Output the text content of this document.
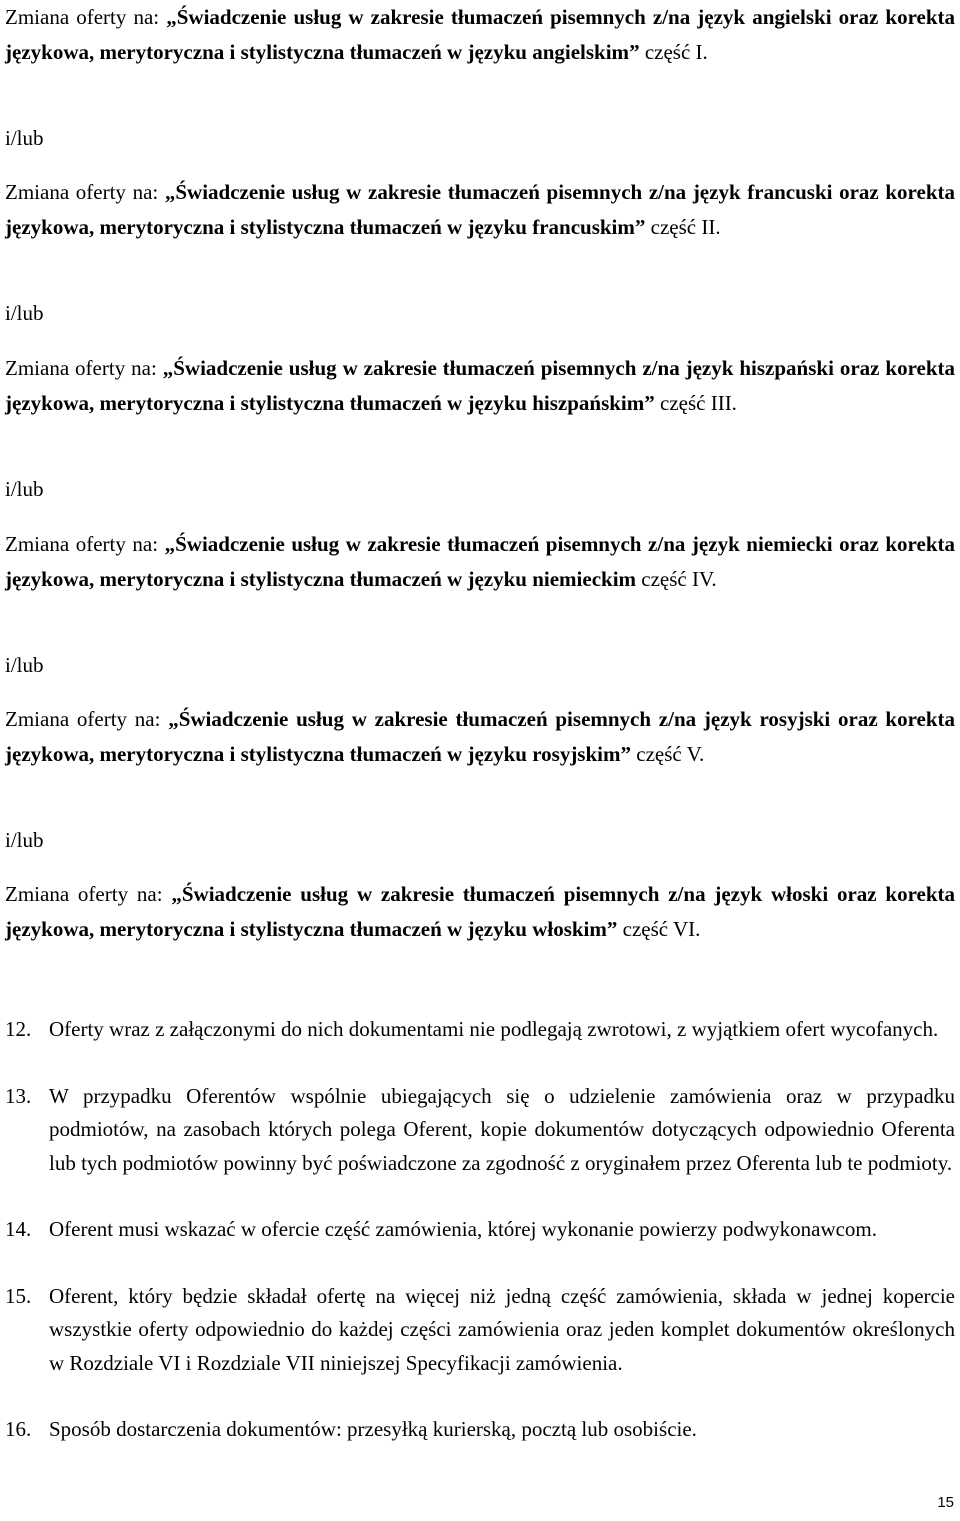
Zmiana oferty na: „Świadczenie usług w zakresie tłumaczeń pisemnych z/na język angielski oraz korekta językowa, merytoryczna i stylistyczna tłumaczeń w języku angielskim” część I.

i/lub

Zmiana oferty na: „Świadczenie usług w zakresie tłumaczeń pisemnych z/na język francuski oraz korekta językowa, merytoryczna i stylistyczna tłumaczeń w języku francuskim” część II.

i/lub

Zmiana oferty na: „Świadczenie usług w zakresie tłumaczeń pisemnych z/na język hiszpański oraz korekta językowa, merytoryczna i stylistyczna tłumaczeń w języku hiszpańskim” część III.

i/lub

Zmiana oferty na: „Świadczenie usług w zakresie tłumaczeń pisemnych z/na język niemiecki oraz korekta językowa, merytoryczna i stylistyczna tłumaczeń w języku niemieckim część IV.

i/lub

Zmiana oferty na: „Świadczenie usług w zakresie tłumaczeń pisemnych z/na język rosyjski oraz korekta językowa, merytoryczna i stylistyczna tłumaczeń w języku rosyjskim” część V.

i/lub

Zmiana oferty na: „Świadczenie usług w zakresie tłumaczeń pisemnych z/na język włoski oraz korekta językowa, merytoryczna i stylistyczna tłumaczeń w języku włoskim” część VI.

12. Oferty wraz z załączonymi do nich dokumentami nie podlegają zwrotowi, z wyjątkiem ofert wycofanych.
13. W przypadku Oferentów wspólnie ubiegających się o udzielenie zamówienia oraz w przypadku podmiotów, na zasobach których polega Oferent, kopie dokumentów dotyczących odpowiednio Oferenta lub tych podmiotów powinny być poświadczone za zgodność z oryginałem przez Oferenta lub te podmioty.
14. Oferent musi wskazać w ofercie część zamówienia, której wykonanie powierzy podwykonawcom.
15. Oferent, który będzie składał ofertę na więcej niż jedną część zamówienia, składa w jednej kopercie wszystkie oferty odpowiednio do każdej części zamówienia oraz jeden komplet dokumentów określonych w Rozdziale VI i Rozdziale VII niniejszej Specyfikacji zamówienia.
16. Sposób dostarczenia dokumentów: przesyłką kurierską, pocztą lub osobiście.
15
